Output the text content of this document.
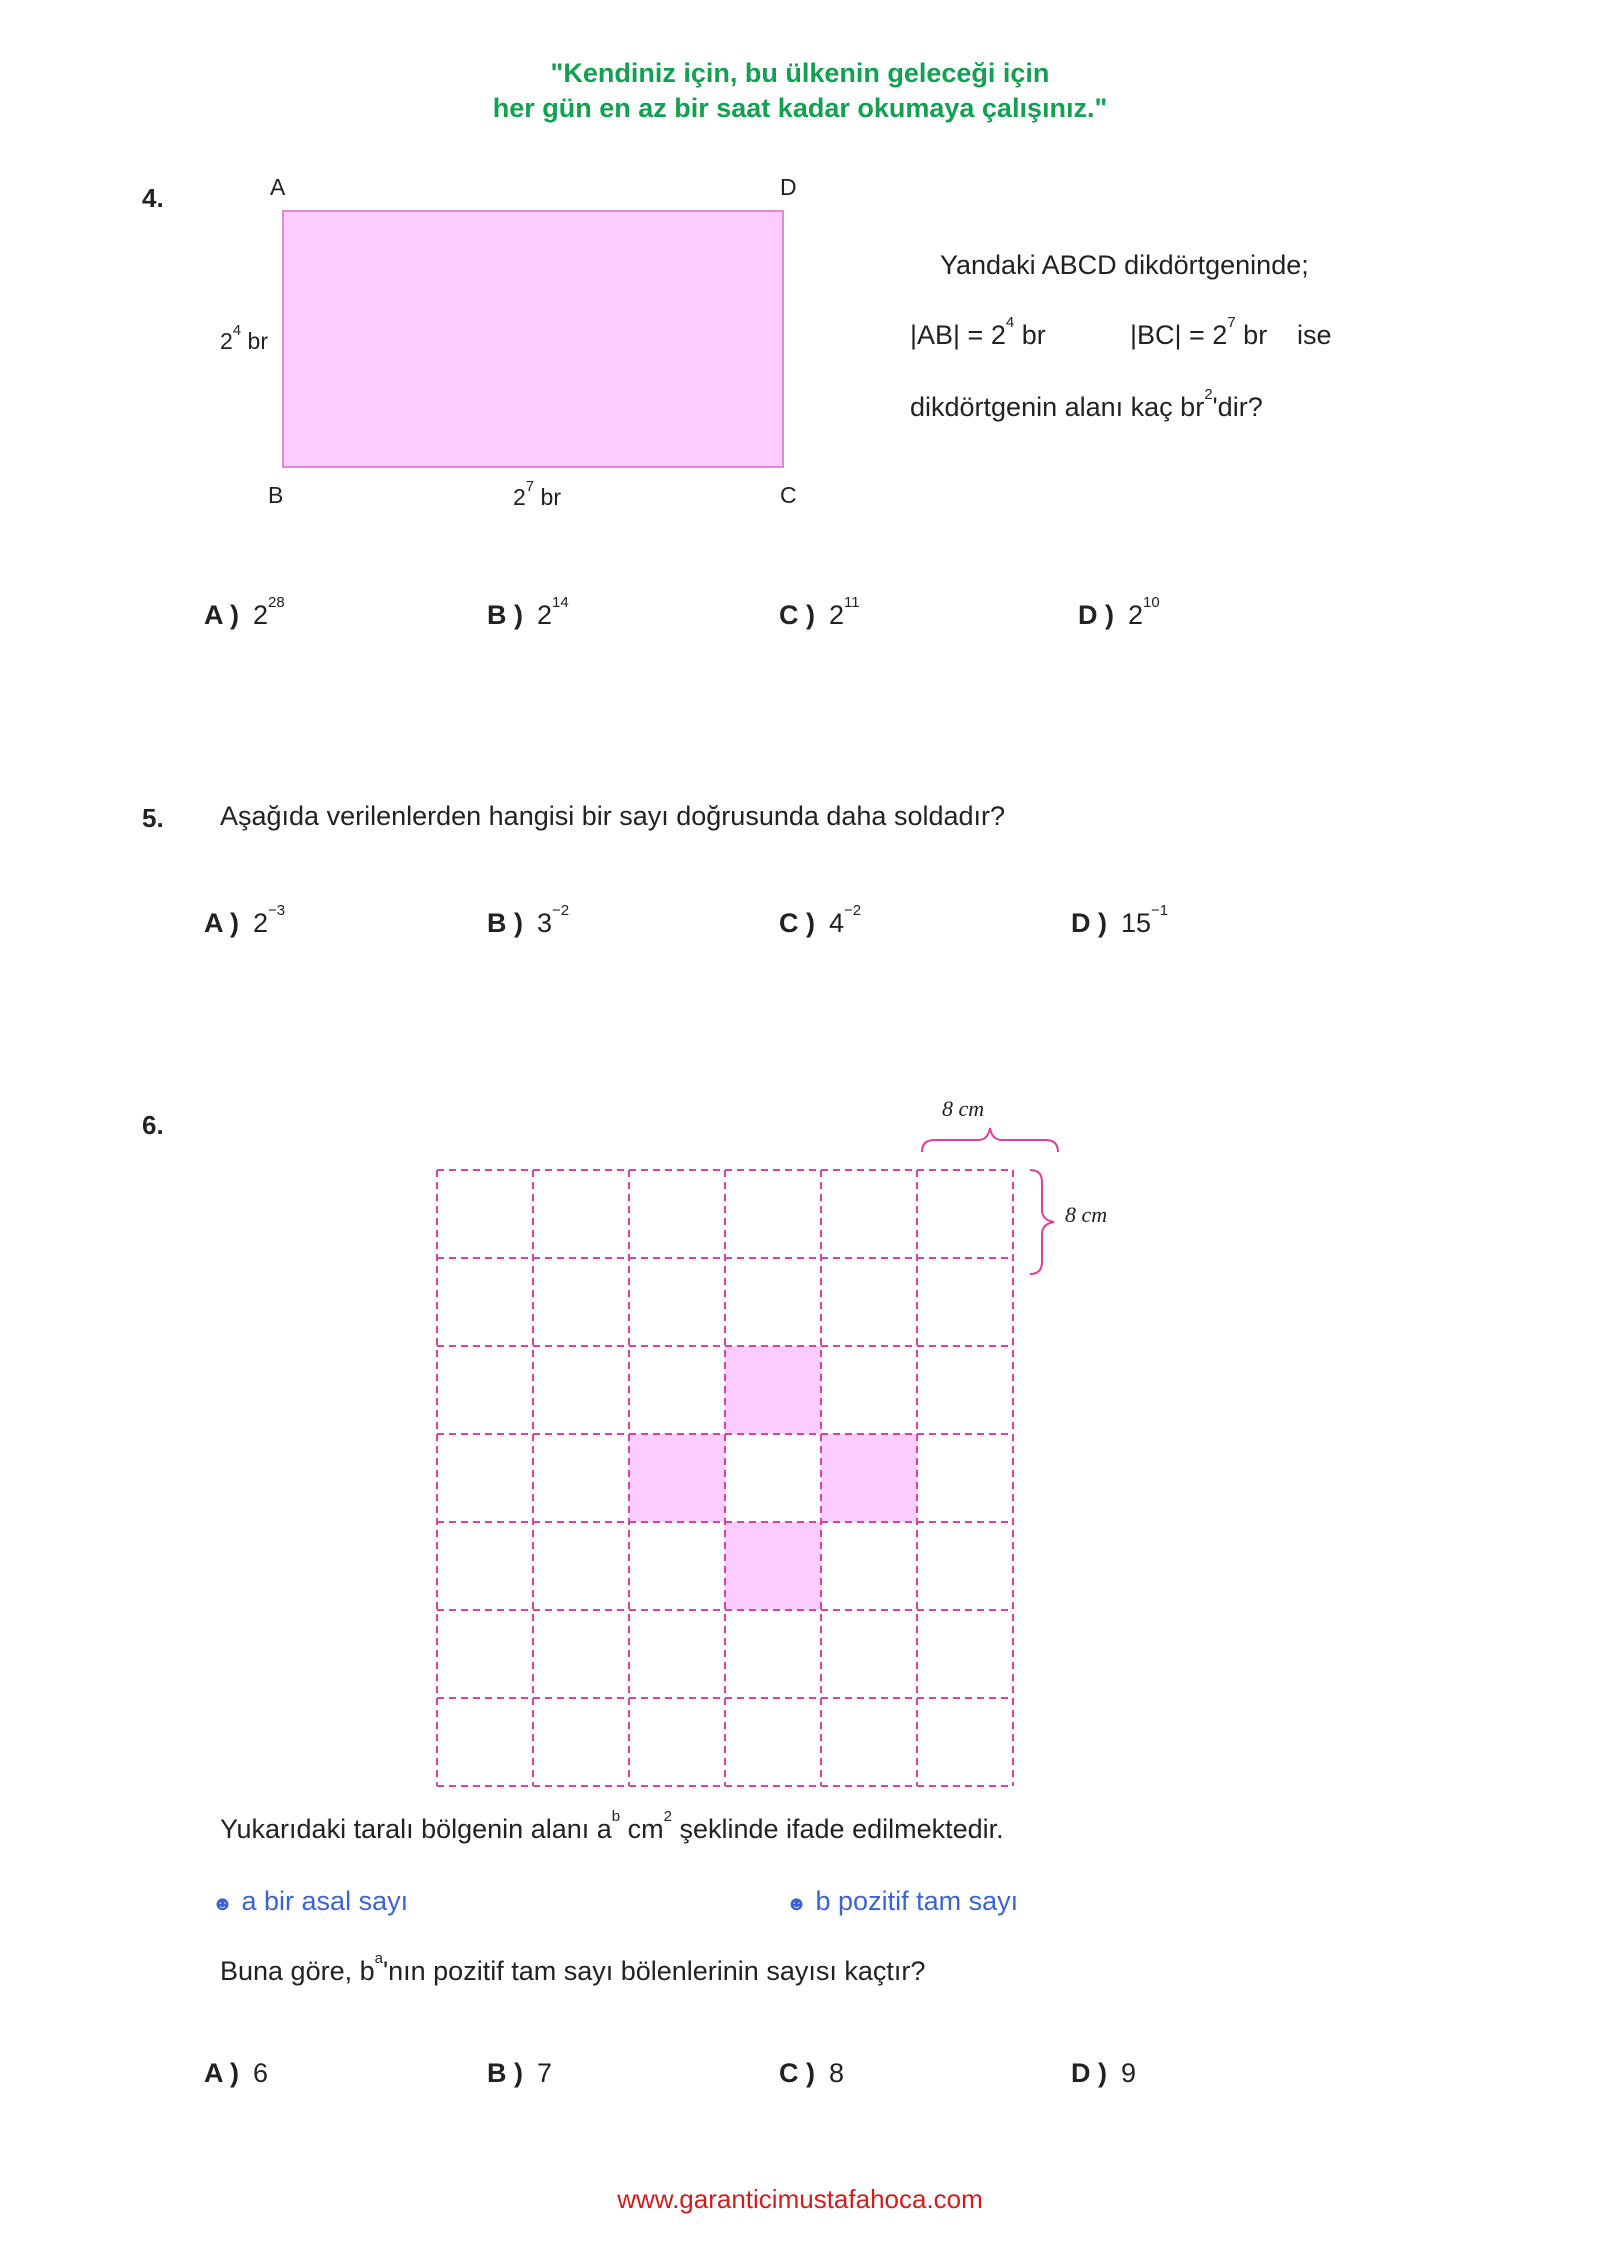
"Kendiniz için, bu ülkenin geleceği için
her gün en az bir saat kadar okumaya çalışınız."
4.	A	D
B	C
$2^4$ br
$2^7$ br
Yandaki ABCD dikdörtgeninde;
$|AB| = 2^4$ br	$|BC| = 2^7$ br ise
dikdörtgenin alanı kaç $br^2'dir$?
A ) $2^{28}$	B ) $2^{14}$	C ) $2^{11}$	D ) $2^{10}$
5. Aşağıda verilenlerden hangisi bir sayı doğrusunda daha soldadır?
A ) $2^{-3}$	B ) $3^{-2}$	C ) $4^{-2}$	D ) $15^{-1}$
6.
8 cm
8 cm
Yukarıdaki taralı bölgenin alanı $a^b$ $cm^2$ şeklinde ifade edilmektedir.
☻ a bir asal sayı	☻ b pozitif tam sayı
Buna göre, $b^a'nın$ pozitif tam sayı bölenlerinin sayısı kaçtır?
A ) 6	B ) 7	C ) 8	D ) 9
www.garanticimustafahoca.com
